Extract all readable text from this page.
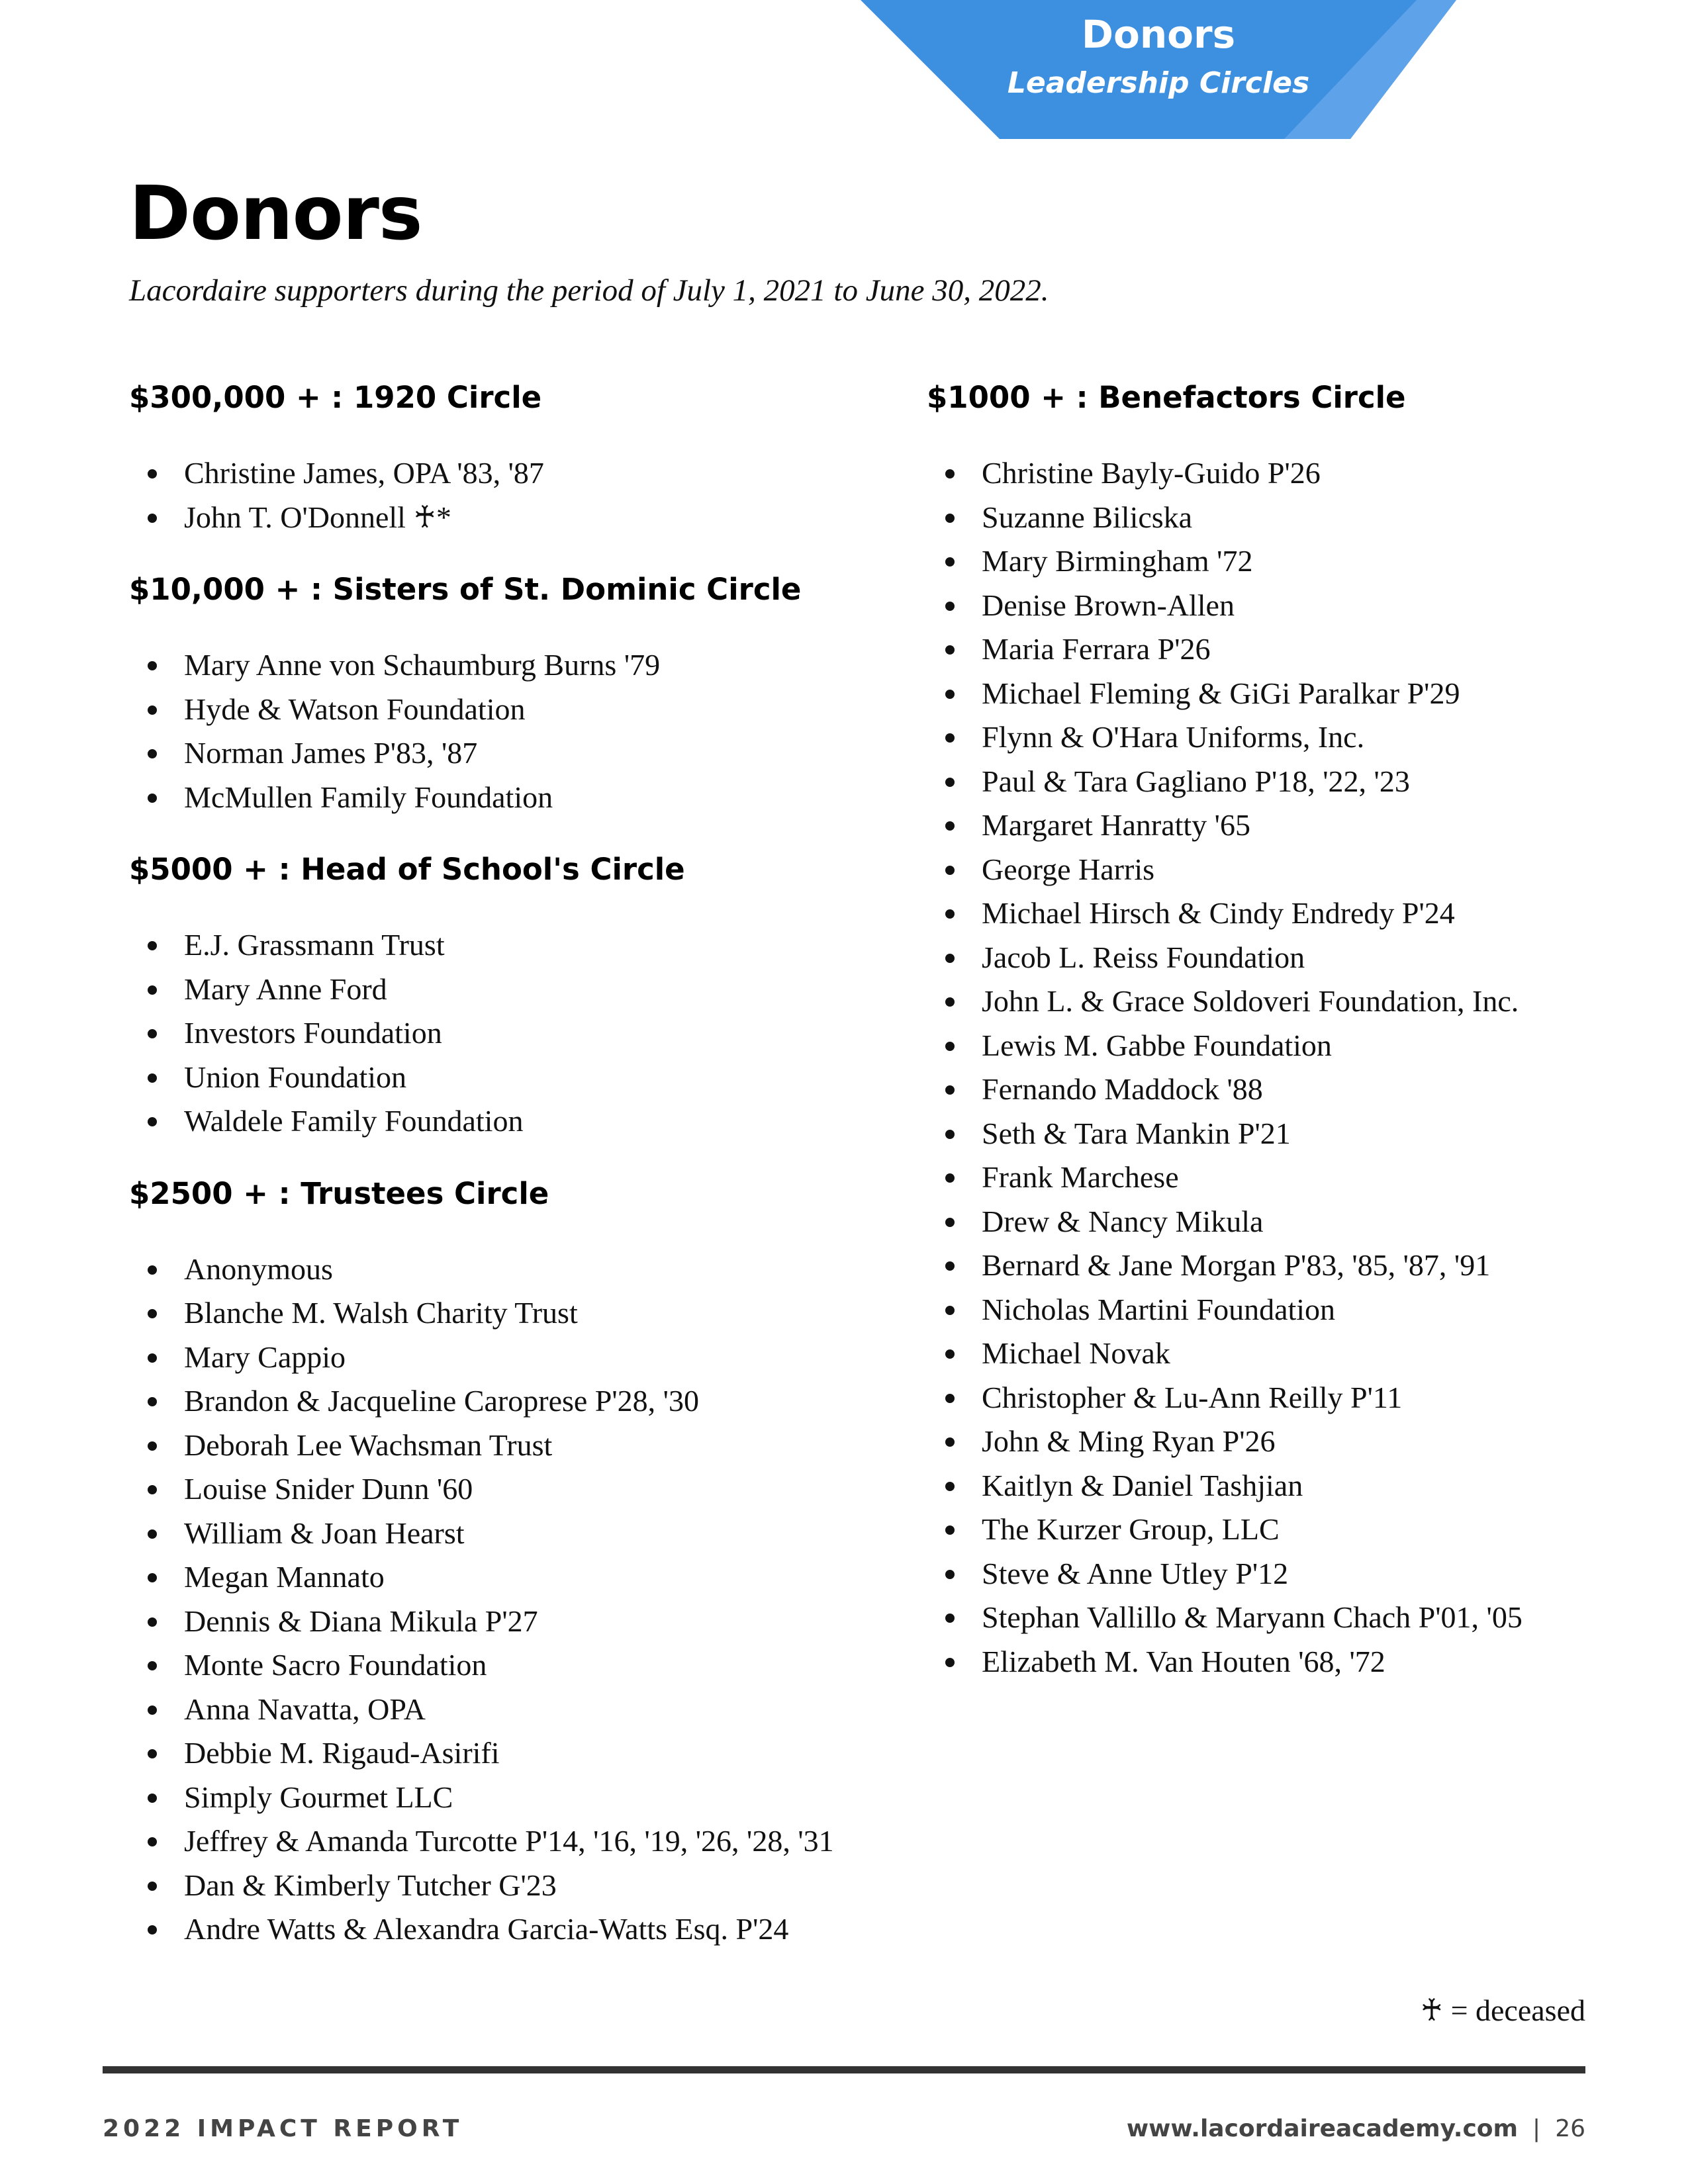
Donors
Leadership Circles
Donors
Lacordaire supporters during the period of July 1, 2021 to June 30, 2022.
$300,000 + : 1920 Circle
Christine James, OPA '83, '87
John T. O'Donnell ♰*
$10,000 + : Sisters of St. Dominic Circle
Mary Anne von Schaumburg Burns '79
Hyde & Watson Foundation
Norman James P'83, '87
McMullen Family Foundation
$5000 + : Head of School's Circle
E.J. Grassmann Trust
Mary Anne Ford
Investors Foundation
Union Foundation
Waldele Family Foundation
$2500 + : Trustees Circle
Anonymous
Blanche M. Walsh Charity Trust
Mary Cappio
Brandon & Jacqueline Caroprese P'28, '30
Deborah Lee Wachsman Trust
Louise Snider Dunn '60
William & Joan Hearst
Megan Mannato
Dennis & Diana Mikula P'27
Monte Sacro Foundation
Anna Navatta, OPA
Debbie M. Rigaud-Asirifi
Simply Gourmet LLC
Jeffrey & Amanda Turcotte P'14, '16, '19, '26, '28, '31
Dan & Kimberly Tutcher G'23
Andre Watts & Alexandra Garcia-Watts Esq. P'24
$1000 + : Benefactors Circle
Christine Bayly-Guido P'26
Suzanne Bilicska
Mary Birmingham '72
Denise Brown-Allen
Maria Ferrara P'26
Michael Fleming & GiGi Paralkar P'29
Flynn & O'Hara Uniforms, Inc.
Paul & Tara Gagliano P'18, '22, '23
Margaret Hanratty '65
George Harris
Michael Hirsch & Cindy Endredy P'24
Jacob L. Reiss Foundation
John L. & Grace Soldoveri Foundation, Inc.
Lewis M. Gabbe Foundation
Fernando Maddock '88
Seth & Tara Mankin P'21
Frank Marchese
Drew & Nancy Mikula
Bernard & Jane Morgan P'83, '85, '87, '91
Nicholas Martini Foundation
Michael Novak
Christopher & Lu-Ann Reilly P'11
John & Ming Ryan P'26
Kaitlyn & Daniel Tashjian
The Kurzer Group, LLC
Steve & Anne Utley P'12
Stephan Vallillo & Maryann Chach P'01, '05
Elizabeth M. Van Houten '68, '72
♰ = deceased
2022 IMPACT REPORT	www.lacordaireacademy.com | 26
